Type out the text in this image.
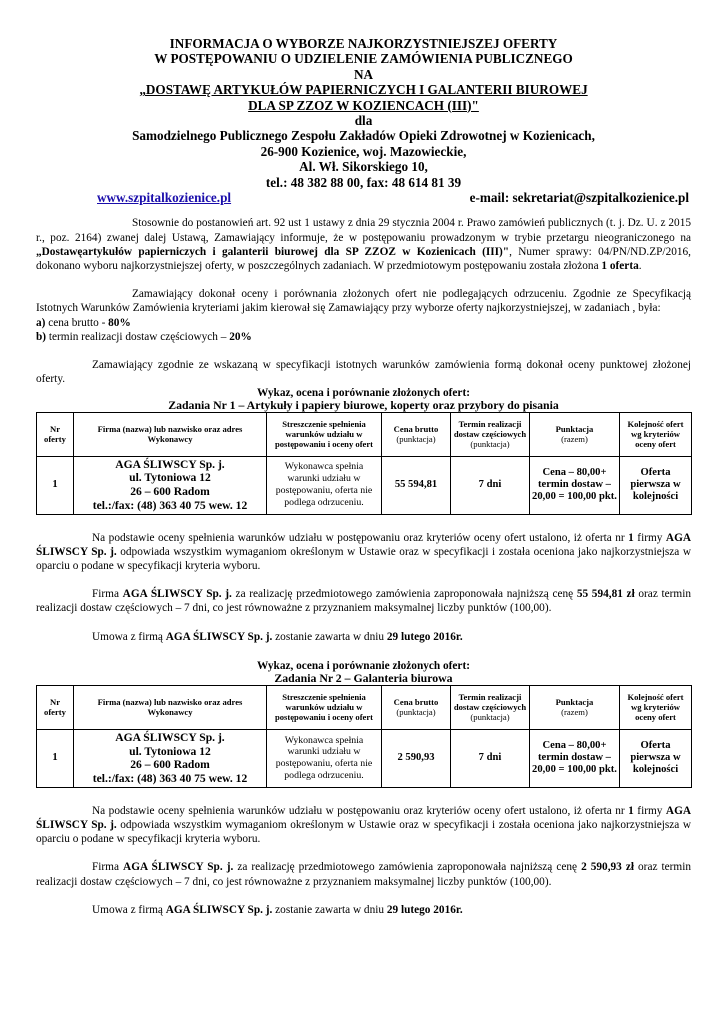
INFORMACJA O WYBORZE NAJKORZYSTNIEJSZEJ OFERTY
W POSTĘPOWANIU O UDZIELENIE ZAMÓWIENIA PUBLICZNEGO
NA
„DOSTAWĘ ARTYKUŁÓW PAPIERNICZYCH I GALANTERII BIUROWEJ
DLA SP ZZOZ W KOZIENCACH (III)"
dla
Samodzielnego Publicznego Zespołu Zakładów Opieki Zdrowotnej w Kozienicach,
26-900 Kozienice, woj. Mazowieckie,
Al. Wł. Sikorskiego 10,
tel.: 48 382 88 00, fax: 48 614 81 39
www.szpitalkozienice.pl	e-mail: sekretariat@szpitalkozienice.pl

Stosownie do postanowień art. 92 ust 1 ustawy z dnia 29 stycznia 2004 r. Prawo zamówień publicznych (t. j. Dz. U. z 2015 r., poz. 2164) zwanej dalej Ustawą, Zamawiający informuje, że w postępowaniu prowadzonym w trybie przetargu nieograniczonego na „Dostawęartykułów papierniczych i galanterii biurowej dla SP ZZOZ w Kozienicach (III)", Numer sprawy: 04/PN/ND.ZP/2016, dokonano wyboru najkorzystniejszej oferty, w poszczególnych zadaniach. W przedmiotowym postępowaniu została złożona 1 oferta.

Zamawiający dokonał oceny i porównania złożonych ofert nie podlegających odrzuceniu. Zgodnie ze Specyfikacją Istotnych Warunków Zamówienia kryteriami jakim kierował się Zamawiający przy wyborze oferty najkorzystniejszej, w zadaniach , była:

a) cena brutto - 80%

b) termin realizacji dostaw częściowych – 20%

Zamawiający zgodnie ze wskazaną w specyfikacji istotnych warunków zamówienia formą dokonał oceny punktowej złożonej oferty.

Wykaz, ocena i porównanie złożonych ofert:
Zadania Nr 1 – Artykuły i papiery biurowe, koperty oraz przybory do pisania
Nr oferty	Firma (nazwa) lub nazwisko oraz adres Wykonawcy	Streszczenie spełnienia warunków udziału w postępowaniu i oceny ofert	Cena brutto
(punktacja)	Termin realizacji dostaw częściowych
(punktacja)	Punktacja
(razem)	Kolejność ofert wg kryteriów oceny ofert
1	AGA ŚLIWSCY Sp. j.
ul. Tytoniowa 12
26 – 600 Radom
tel.:/fax: (48) 363 40 75 wew. 12	Wykonawca spełnia warunki udziału w postępowaniu, oferta nie podlega odrzuceniu.	55 594,81	7 dni	Cena – 80,00+ termin dostaw – 20,00 = 100,00 pkt.	Oferta pierwsza w kolejności

Na podstawie oceny spełnienia warunków udziału w postępowaniu oraz kryteriów oceny ofert ustalono, iż oferta nr 1 firmy AGA ŚLIWSCY Sp. j. odpowiada wszystkim wymaganiom określonym w Ustawie oraz w specyfikacji i została oceniona jako najkorzystniejsza w oparciu o podane w specyfikacji kryteria wyboru.

Firma AGA ŚLIWSCY Sp. j. za realizację przedmiotowego zamówienia zaproponowała najniższą cenę 55 594,81 zł oraz termin realizacji dostaw częściowych – 7 dni, co jest równoważne z przyznaniem maksymalnej liczby punktów (100,00).

Umowa z firmą AGA ŚLIWSCY Sp. j. zostanie zawarta w dniu 29 lutego 2016r.

Wykaz, ocena i porównanie złożonych ofert:
Zadania Nr 2 – Galanteria biurowa
Nr oferty	Firma (nazwa) lub nazwisko oraz adres Wykonawcy	Streszczenie spełnienia warunków udziału w postępowaniu i oceny ofert	Cena brutto
(punktacja)	Termin realizacji dostaw częściowych
(punktacja)	Punktacja
(razem)	Kolejność ofert wg kryteriów oceny ofert
1	AGA ŚLIWSCY Sp. j.
ul. Tytoniowa 12
26 – 600 Radom
tel.:/fax: (48) 363 40 75 wew. 12	Wykonawca spełnia warunki udziału w postępowaniu, oferta nie podlega odrzuceniu.	2 590,93	7 dni	Cena – 80,00+ termin dostaw – 20,00 = 100,00 pkt.	Oferta pierwsza w kolejności

Na podstawie oceny spełnienia warunków udziału w postępowaniu oraz kryteriów oceny ofert ustalono, iż oferta nr 1 firmy AGA ŚLIWSCY Sp. j. odpowiada wszystkim wymaganiom określonym w Ustawie oraz w specyfikacji i została oceniona jako najkorzystniejsza w oparciu o podane w specyfikacji kryteria wyboru.

Firma AGA ŚLIWSCY Sp. j. za realizację przedmiotowego zamówienia zaproponowała najniższą cenę 2 590,93 zł oraz termin realizacji dostaw częściowych – 7 dni, co jest równoważne z przyznaniem maksymalnej liczby punktów (100,00).

Umowa z firmą AGA ŚLIWSCY Sp. j. zostanie zawarta w dniu 29 lutego 2016r.
